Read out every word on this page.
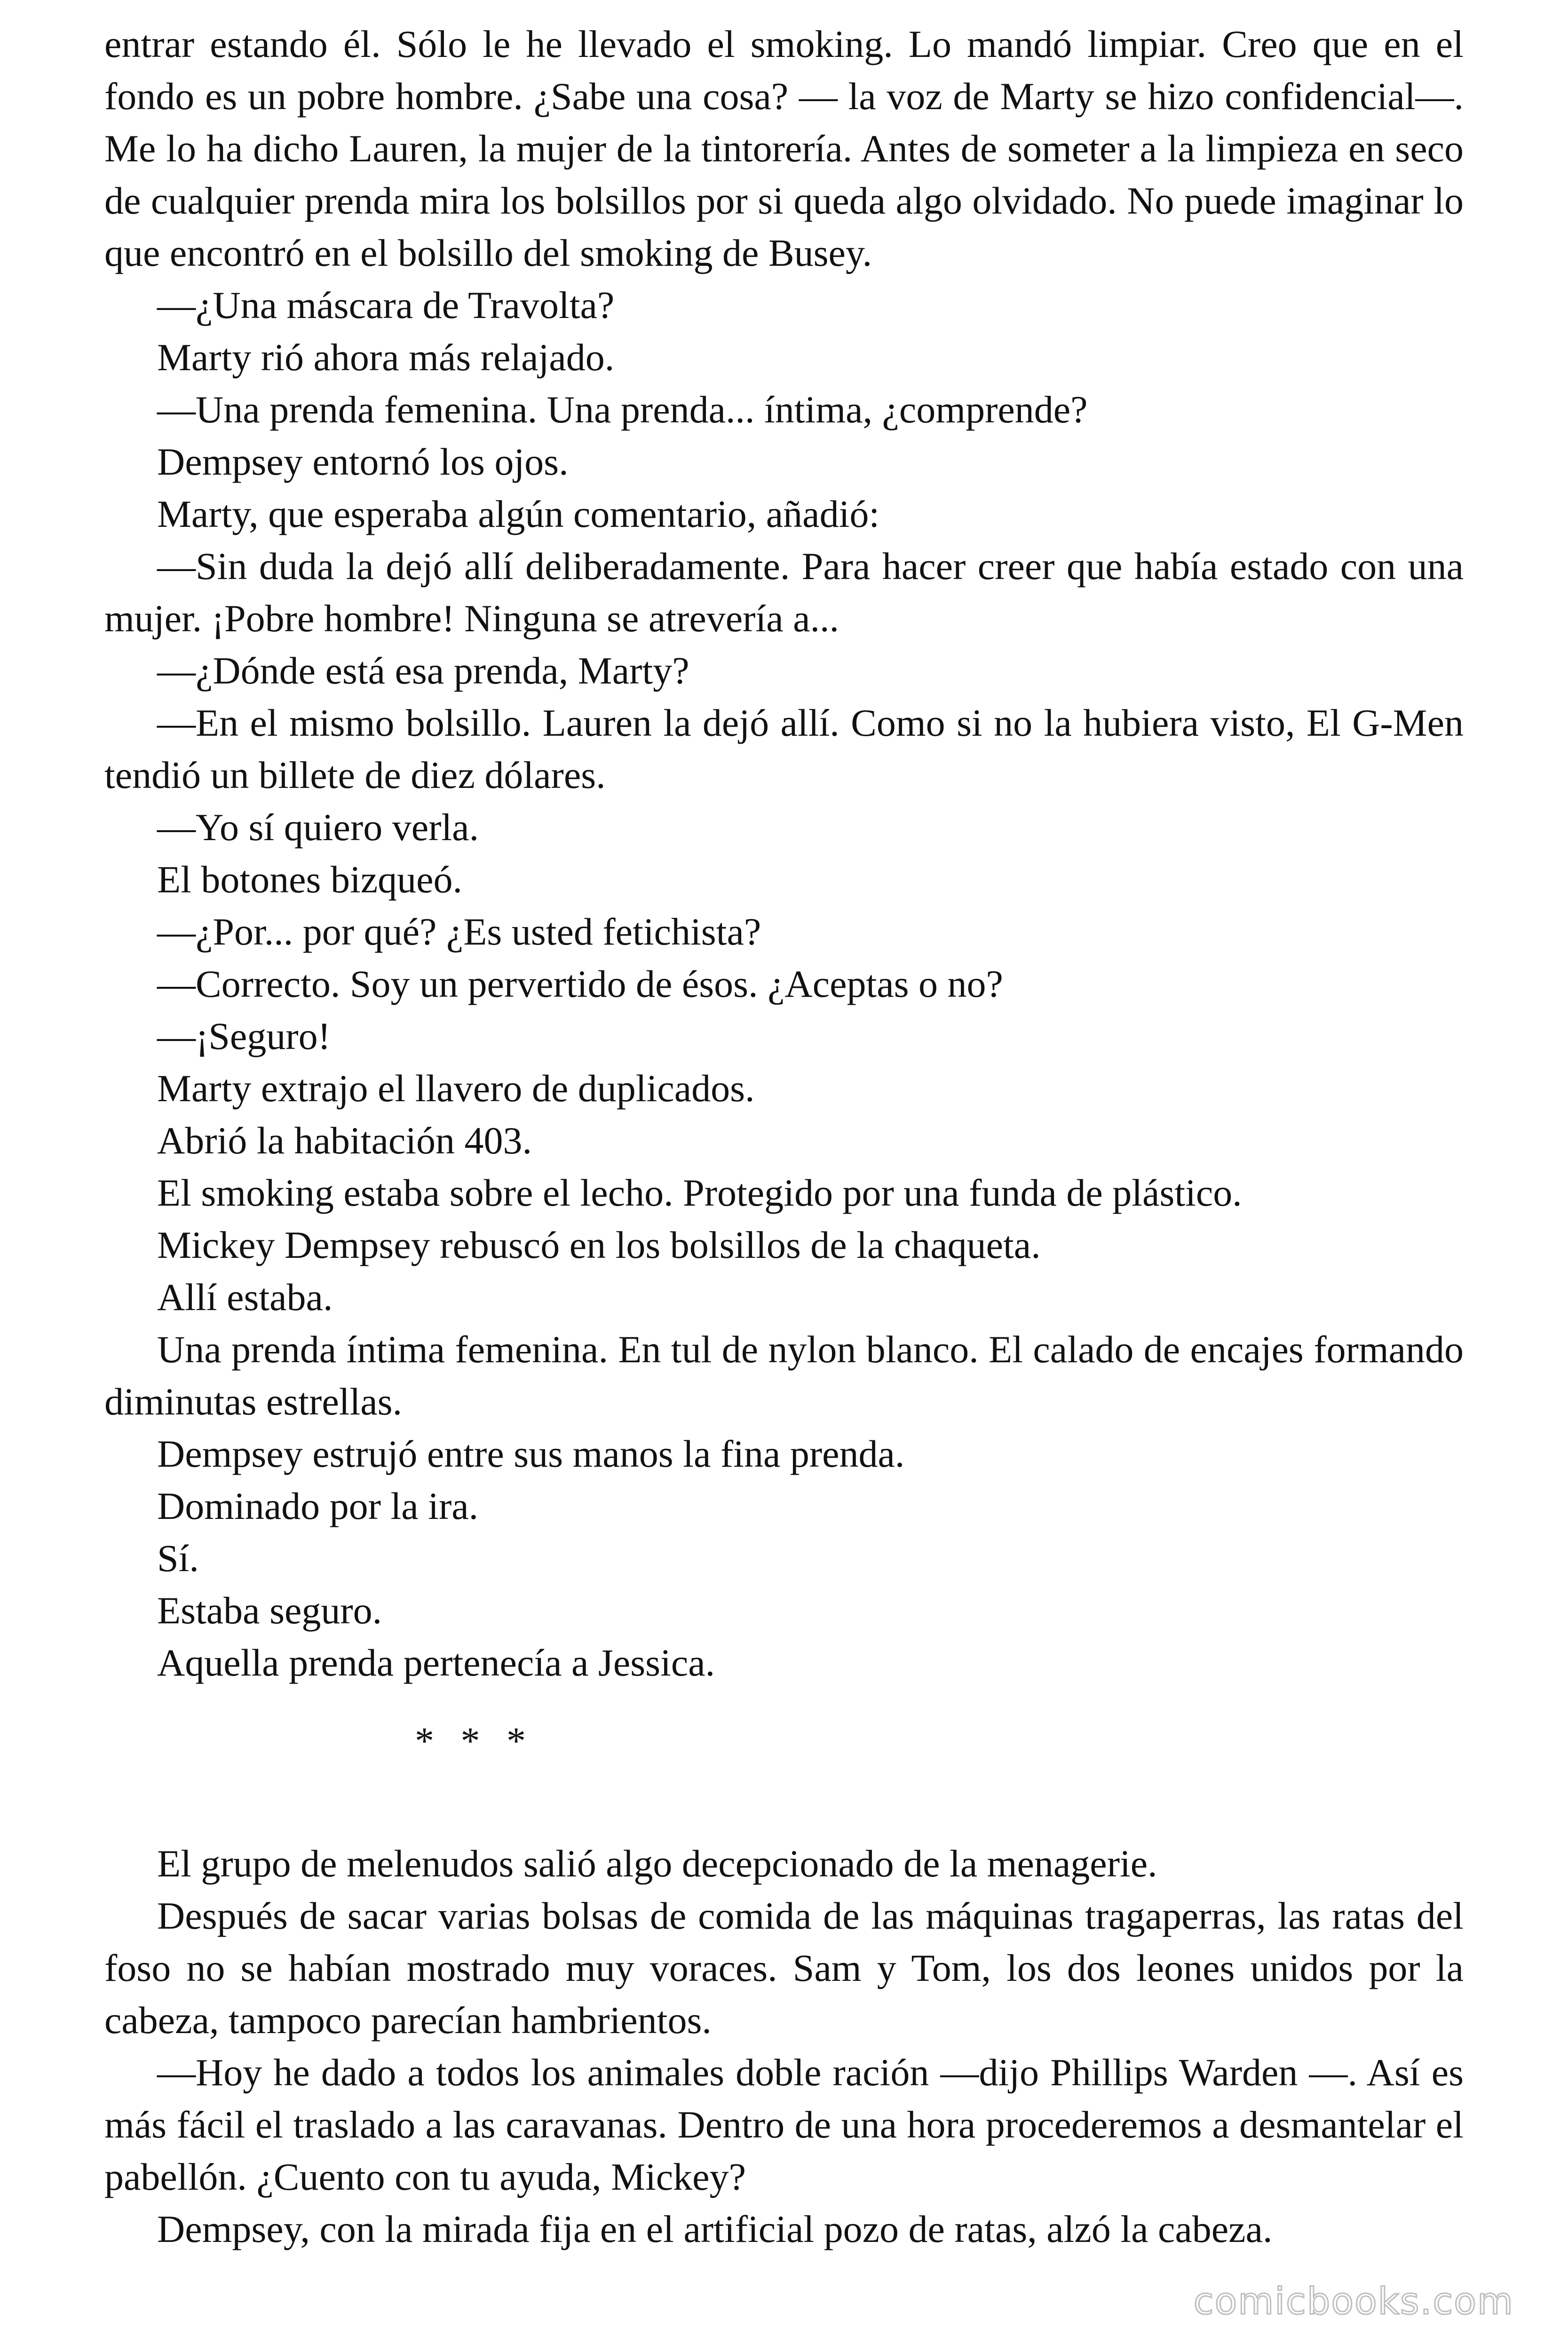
entrar estando él. Sólo le he llevado el smoking. Lo mandó limpiar. Creo que en el fondo es un pobre hombre. ¿Sabe una cosa? — la voz de Marty se hizo confidencial—. Me lo ha dicho Lauren, la mujer de la tintorería. Antes de someter a la limpieza en seco de cualquier prenda mira los bolsillos por si queda algo olvidado. No puede imaginar lo que encontró en el bolsillo del smoking de Busey.

—¿Una máscara de Travolta?

Marty rió ahora más relajado.

—Una prenda femenina. Una prenda... íntima, ¿comprende?

Dempsey entornó los ojos.

Marty, que esperaba algún comentario, añadió:

—Sin duda la dejó allí deliberadamente. Para hacer creer que había estado con una mujer. ¡Pobre hombre! Ninguna se atrevería a...

—¿Dónde está esa prenda, Marty?

—En el mismo bolsillo. Lauren la dejó allí. Como si no la hubiera visto, El G-Men tendió un billete de diez dólares.

—Yo sí quiero verla.

El botones bizqueó.

—¿Por... por qué? ¿Es usted fetichista?

—Correcto. Soy un pervertido de ésos. ¿Aceptas o no?

—¡Seguro!

Marty extrajo el llavero de duplicados.

Abrió la habitación 403.

El smoking estaba sobre el lecho. Protegido por una funda de plástico.

Mickey Dempsey rebuscó en los bolsillos de la chaqueta.

Allí estaba.

Una prenda íntima femenina. En tul de nylon blanco. El calado de encajes formando diminutas estrellas.

Dempsey estrujó entre sus manos la fina prenda.

Dominado por la ira.

Sí.

Estaba seguro.

Aquella prenda pertenecía a Jessica.

* * *

El grupo de melenudos salió algo decepcionado de la menagerie.

Después de sacar varias bolsas de comida de las máquinas tragaperras, las ratas del foso no se habían mostrado muy voraces. Sam y Tom, los dos leones unidos por la cabeza, tampoco parecían hambrientos.

—Hoy he dado a todos los animales doble ración —dijo Phillips Warden —. Así es más fácil el traslado a las caravanas. Dentro de una hora procederemos a desmantelar el pabellón. ¿Cuento con tu ayuda, Mickey?

Dempsey, con la mirada fija en el artificial pozo de ratas, alzó la cabeza.

comicbooks.com
